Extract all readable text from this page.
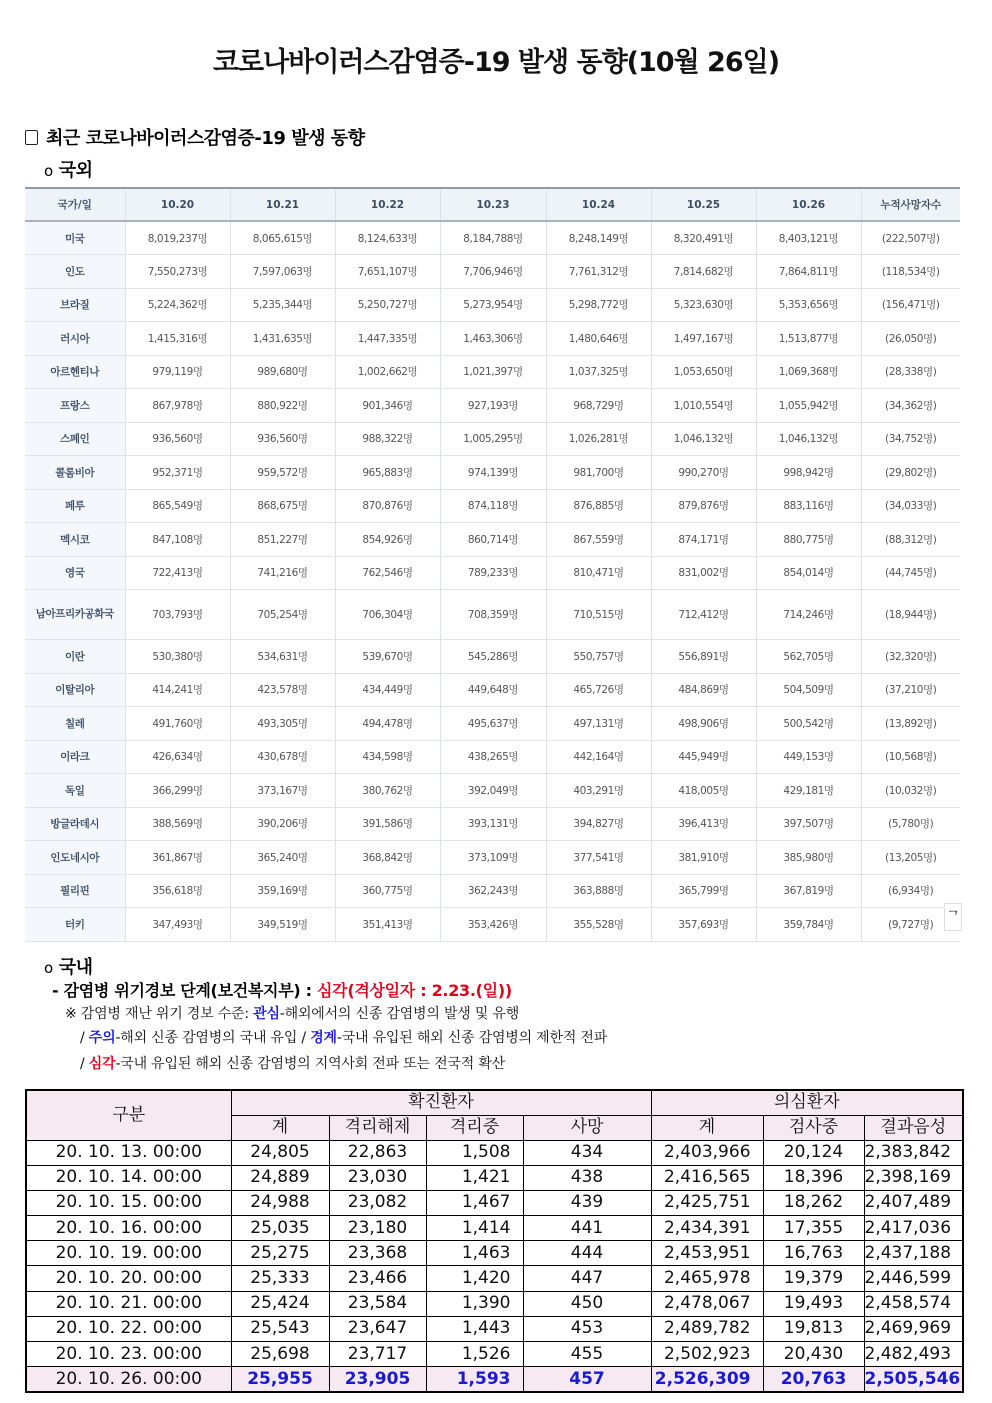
코로나바이러스감염증-19 발생 동향(10월 26일)
최근 코로나바이러스감염증-19 발생 동향
o 국외
국가/일	10.20	10.21	10.22	10.23	10.24	10.25	10.26	누적사망자수
미국	8,019,237명	8,065,615명	8,124,633명	8,184,788명	8,248,149명	8,320,491명	8,403,121명	(222,507명)
인도	7,550,273명	7,597,063명	7,651,107명	7,706,946명	7,761,312명	7,814,682명	7,864,811명	(118,534명)
브라질	5,224,362명	5,235,344명	5,250,727명	5,273,954명	5,298,772명	5,323,630명	5,353,656명	(156,471명)
러시아	1,415,316명	1,431,635명	1,447,335명	1,463,306명	1,480,646명	1,497,167명	1,513,877명	(26,050명)
아르헨티나	979,119명	989,680명	1,002,662명	1,021,397명	1,037,325명	1,053,650명	1,069,368명	(28,338명)
프랑스	867,978명	880,922명	901,346명	927,193명	968,729명	1,010,554명	1,055,942명	(34,362명)
스페인	936,560명	936,560명	988,322명	1,005,295명	1,026,281명	1,046,132명	1,046,132명	(34,752명)
콜롬비아	952,371명	959,572명	965,883명	974,139명	981,700명	990,270명	998,942명	(29,802명)
페루	865,549명	868,675명	870,876명	874,118명	876,885명	879,876명	883,116명	(34,033명)
멕시코	847,108명	851,227명	854,926명	860,714명	867,559명	874,171명	880,775명	(88,312명)
영국	722,413명	741,216명	762,546명	789,233명	810,471명	831,002명	854,014명	(44,745명)
남아프리카공화국	703,793명	705,254명	706,304명	708,359명	710,515명	712,412명	714,246명	(18,944명)
이란	530,380명	534,631명	539,670명	545,286명	550,757명	556,891명	562,705명	(32,320명)
이탈리아	414,241명	423,578명	434,449명	449,648명	465,726명	484,869명	504,509명	(37,210명)
칠레	491,760명	493,305명	494,478명	495,637명	497,131명	498,906명	500,542명	(13,892명)
이라크	426,634명	430,678명	434,598명	438,265명	442,164명	445,949명	449,153명	(10,568명)
독일	366,299명	373,167명	380,762명	392,049명	403,291명	418,005명	429,181명	(10,032명)
방글라데시	388,569명	390,206명	391,586명	393,131명	394,827명	396,413명	397,507명	(5,780명)
인도네시아	361,867명	365,240명	368,842명	373,109명	377,541명	381,910명	385,980명	(13,205명)
필리핀	356,618명	359,169명	360,775명	362,243명	363,888명	365,799명	367,819명	(6,934명)
터키	347,493명	349,519명	351,413명	353,426명	355,528명	357,693명	359,784명	(9,727명) ᄀ
o 국내
- 감염병 위기경보 단계(보건복지부) : 심각(격상일자 : 2.23.(일))
※ 감염병 재난 위기 경보 수준: 관심-해외에서의 신종 감염병의 발생 및 유행
/ 주의-해외 신종 감염병의 국내 유입 / 경계-국내 유입된 해외 신종 감염병의 제한적 전파
/ 심각-국내 유입된 해외 신종 감염병의 지역사회 전파 또는 전국적 확산
구분	확진환자				의심환자		
	계	격리해제	격리중	사망	계	검사중	결과음성
20. 10. 13. 00:00	24,805	22,863	1,508	434	2,403,966	20,124	2,383,842
20. 10. 14. 00:00	24,889	23,030	1,421	438	2,416,565	18,396	2,398,169
20. 10. 15. 00:00	24,988	23,082	1,467	439	2,425,751	18,262	2,407,489
20. 10. 16. 00:00	25,035	23,180	1,414	441	2,434,391	17,355	2,417,036
20. 10. 19. 00:00	25,275	23,368	1,463	444	2,453,951	16,763	2,437,188
20. 10. 20. 00:00	25,333	23,466	1,420	447	2,465,978	19,379	2,446,599
20. 10. 21. 00:00	25,424	23,584	1,390	450	2,478,067	19,493	2,458,574
20. 10. 22. 00:00	25,543	23,647	1,443	453	2,489,782	19,813	2,469,969
20. 10. 23. 00:00	25,698	23,717	1,526	455	2,502,923	20,430	2,482,493
20. 10. 26. 00:00	25,955	23,905	1,593	457	2,526,309	20,763	2,505,546
